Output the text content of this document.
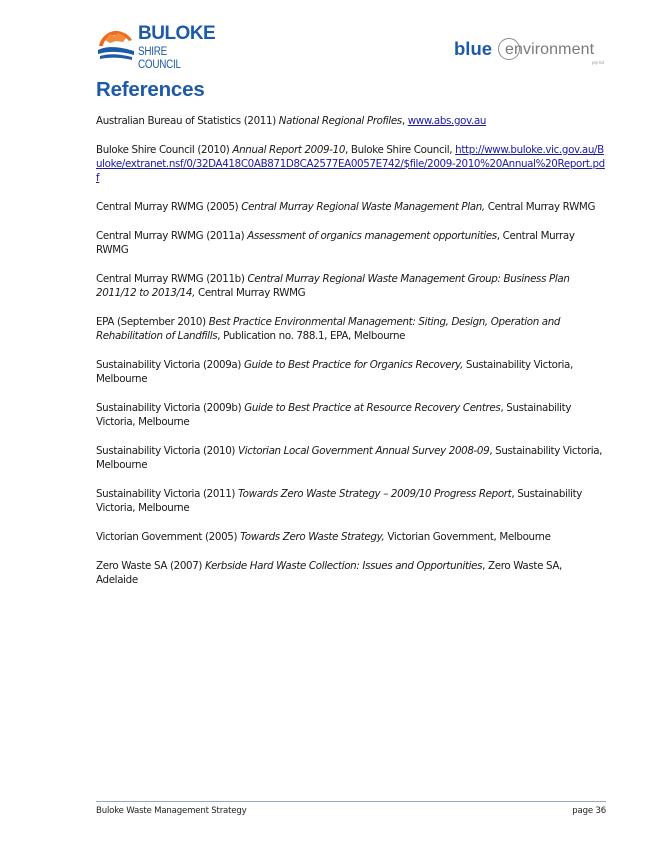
BULOKE
SHIRE COUNCIL
blue environment
pty ltd
References

Australian Bureau of Statistics (2011) National Regional Profiles, www.abs.gov.au

Buloke Shire Council (2010) Annual Report 2009-10, Buloke Shire Council, http://www.buloke.vic.gov.au/Buloke/extranet.nsf/0/32DA418C0AB871D8CA2577EA0057E742/$file/2009-2010%20Annual%20Report.pdf

Central Murray RWMG (2005) Central Murray Regional Waste Management Plan, Central Murray RWMG

Central Murray RWMG (2011a) Assessment of organics management opportunities, Central Murray RWMG

Central Murray RWMG (2011b) Central Murray Regional Waste Management Group: Business Plan 2011/12 to 2013/14, Central Murray RWMG

EPA (September 2010) Best Practice Environmental Management: Siting, Design, Operation and Rehabilitation of Landfills, Publication no. 788.1, EPA, Melbourne

Sustainability Victoria (2009a) Guide to Best Practice for Organics Recovery, Sustainability Victoria, Melbourne

Sustainability Victoria (2009b) Guide to Best Practice at Resource Recovery Centres, Sustainability Victoria, Melbourne

Sustainability Victoria (2010) Victorian Local Government Annual Survey 2008-09, Sustainability Victoria, Melbourne

Sustainability Victoria (2011) Towards Zero Waste Strategy – 2009/10 Progress Report, Sustainability Victoria, Melbourne

Victorian Government (2005) Towards Zero Waste Strategy, Victorian Government, Melbourne

Zero Waste SA (2007) Kerbside Hard Waste Collection: Issues and Opportunities, Zero Waste SA, Adelaide

Buloke Waste Management Strategy	page 36
